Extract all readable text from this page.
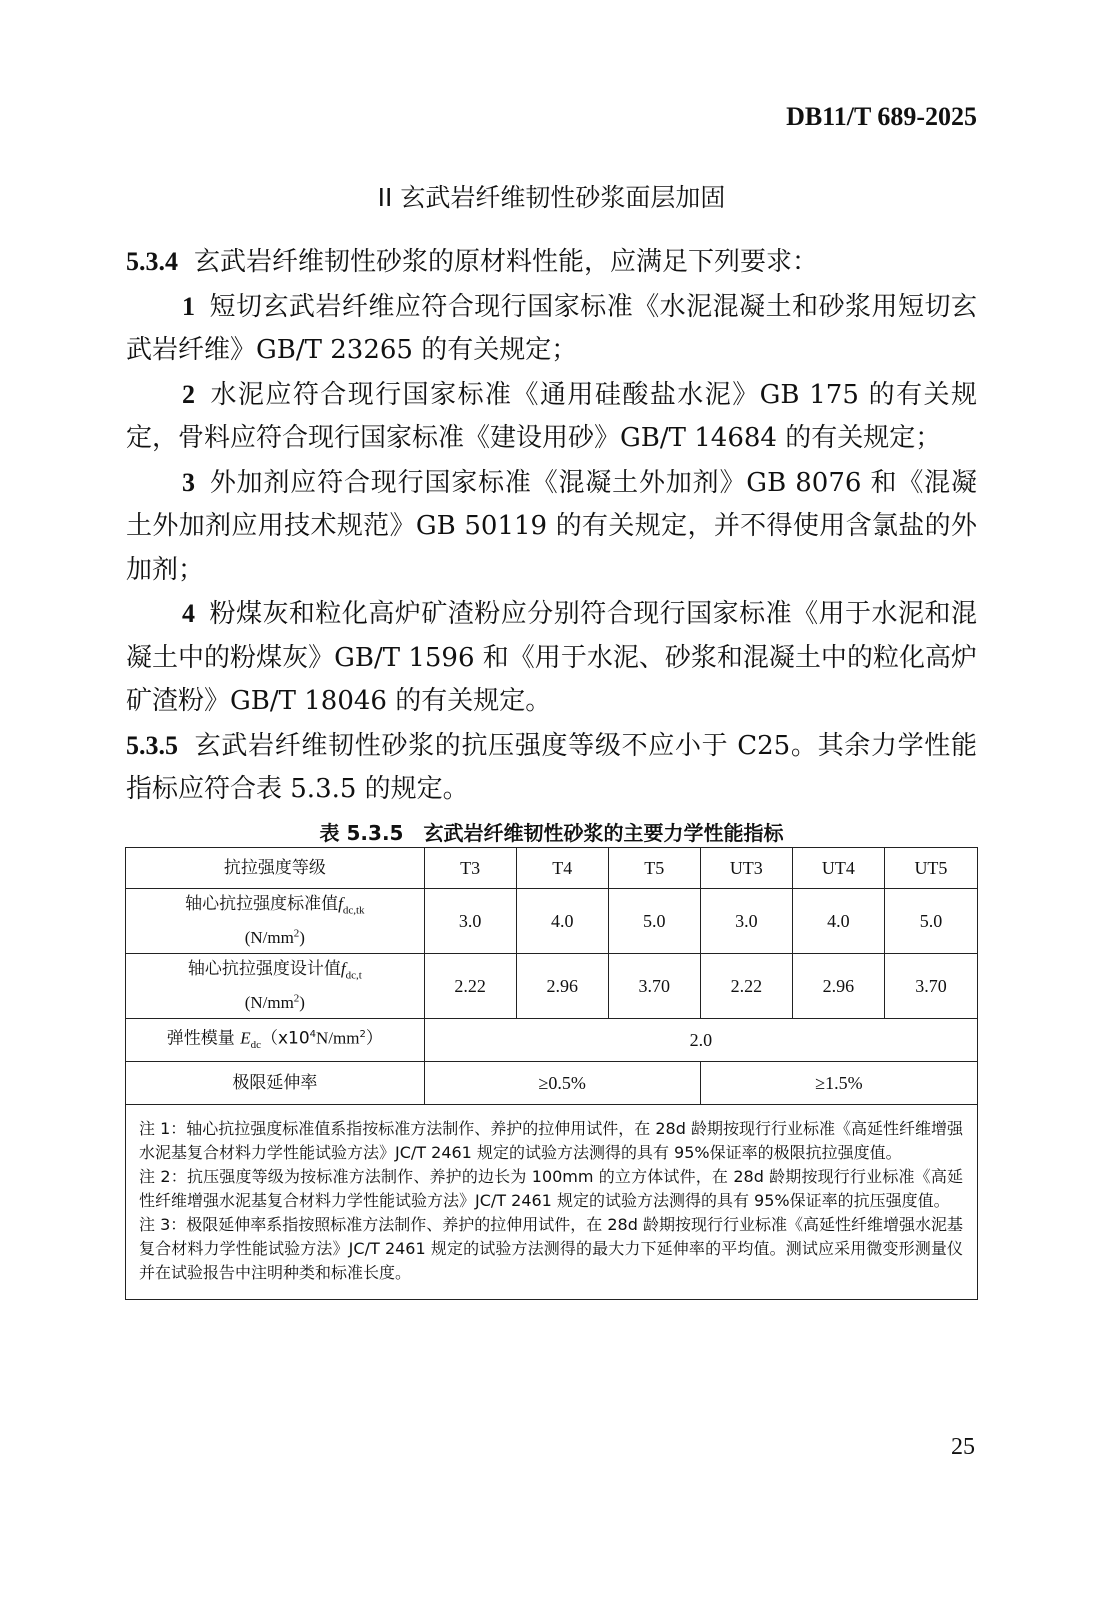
DB11/T 689-2025
II 玄武岩纤维韧性砂浆面层加固

5.3.4 玄武岩纤维韧性砂浆的原材料性能，应满足下列要求：

1 短切玄武岩纤维应符合现行国家标准《水泥混凝土和砂浆用短切玄武岩纤维》GB/T 23265 的有关规定；

2 水泥应符合现行国家标准《通用硅酸盐水泥》GB 175 的有关规定，骨料应符合现行国家标准《建设用砂》GB/T 14684 的有关规定；

3 外加剂应符合现行国家标准《混凝土外加剂》GB 8076 和《混凝土外加剂应用技术规范》GB 50119 的有关规定，并不得使用含氯盐的外加剂；

4 粉煤灰和粒化高炉矿渣粉应分别符合现行国家标准《用于水泥和混凝土中的粉煤灰》GB/T 1596 和《用于水泥、砂浆和混凝土中的粒化高炉矿渣粉》GB/T 18046 的有关规定。

5.3.5 玄武岩纤维韧性砂浆的抗压强度等级不应小于 C25。其余力学性能指标应符合表 5.3.5 的规定。

表 5.3.5 玄武岩纤维韧性砂浆的主要力学性能指标
抗拉强度等级	T3	T4	T5	UT3	UT4	UT5
轴心抗拉强度标准值$f_{dc,tk}$
$(N/mm^2)$	3.0	4.0	5.0	3.0	4.0	5.0
轴心抗拉强度设计值$f_{dc,t}$
$(N/mm^2)$	2.22	2.96	3.70	2.22	2.96	3.70
弹性模量 $E_{dc}(x10^4N/mm^2)$	2.0					
极限延伸率	≥0.5%			≥1.5%		

注 1：轴心抗拉强度标准值系指按标准方法制作、养护的拉伸用试件，在 28d 龄期按现行行业标准《高延性纤维增强水泥基复合材料力学性能试验方法》JC/T 2461 规定的试验方法测得的具有 95%保证率的极限抗拉强度值。

注 2：抗压强度等级为按标准方法制作、养护的边长为 100mm 的立方体试件，在 28d 龄期按现行行业标准《高延性纤维增强水泥基复合材料力学性能试验方法》JC/T 2461 规定的试验方法测得的具有 95%保证率的抗压强度值。

注 3：极限延伸率系指按照标准方法制作、养护的拉伸用试件，在 28d 龄期按现行行业标准《高延性纤维增强水泥基复合材料力学性能试验方法》JC/T 2461 规定的试验方法测得的最大力下延伸率的平均值。测试应采用微变形测量仪并在试验报告中注明种类和标准长度。						

25
